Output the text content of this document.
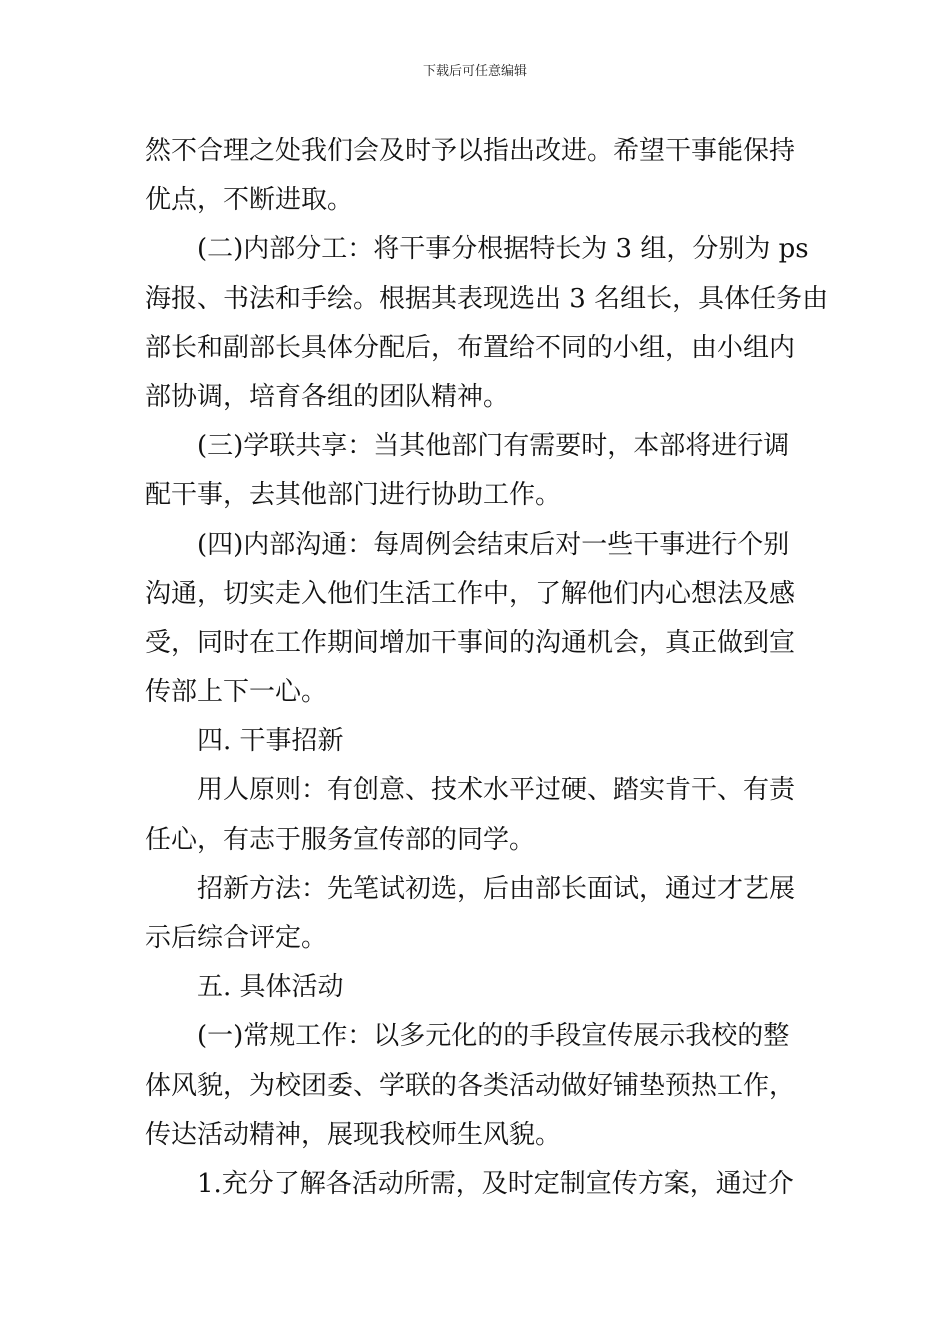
下载后可任意编辑
然不合理之处我们会及时予以指出改进。希望干事能保持
优点，不断进取。
(二)内部分工：将干事分根据特长为 3 组，分别为 ps
海报、书法和手绘。根据其表现选出 3 名组长，具体任务由
部长和副部长具体分配后，布置给不同的小组，由小组内
部协调，培育各组的团队精神。
(三)学联共享：当其他部门有需要时，本部将进行调
配干事，去其他部门进行协助工作。
(四)内部沟通：每周例会结束后对一些干事进行个别
沟通，切实走入他们生活工作中，了解他们内心想法及感
受，同时在工作期间增加干事间的沟通机会，真正做到宣
传部上下一心。
四. 干事招新
用人原则：有创意、技术水平过硬、踏实肯干、有责
任心，有志于服务宣传部的同学。
招新方法：先笔试初选，后由部长面试，通过才艺展
示后综合评定。
五. 具体活动
(一)常规工作：以多元化的的手段宣传展示我校的整
体风貌，为校团委、学联的各类活动做好铺垫预热工作，
传达活动精神，展现我校师生风貌。
1.充分了解各活动所需，及时定制宣传方案，通过介
